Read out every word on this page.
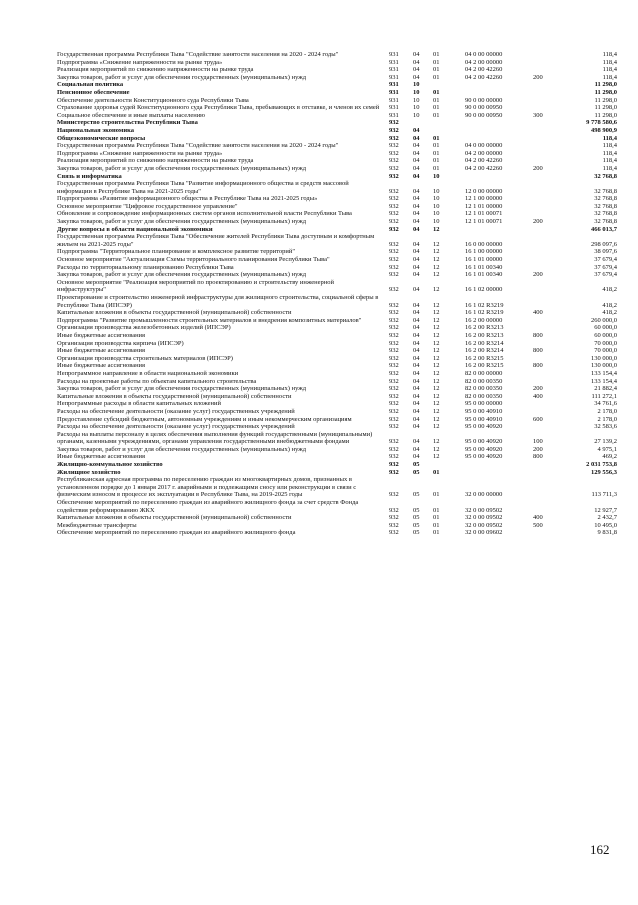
Государственная программа Республики Тыва "Содействие занятости населения на 2020 - 2024 годы"	931	04	01	04 0 00 00000	118,4
Подпрограмма «Снижение напряженности на рынке труда»	931	04	01	04 2 00 00000	118,4
Реализация мероприятий по снижению напряженности на рынке труда	931	04	01	04 2 00 42260	118,4
Закупка товаров, работ и услуг для обеспечения государственных (муниципальных) нужд	931	04	01	04 2 00 42260	200	118,4
Социальная политика	931	10	11 298,0
Пенсионное обеспечение	931	10	01	11 298,0
Обеспечение деятельности Конституционного суда Республики Тыва	931	10	01	90 0 00 00000	11 298,0
Страхование здоровья судей Конституционного суда Республики Тыва, пребывающих в отставке, и членов их семей	931	10	01	90 0 00 00950	11 298,0
Социальное обеспечение и иные выплаты населению	931	10	01	90 0 00 00950	300	11 298,0
Министерство строительства Республики Тыва	932	9 778 580,6
Национальная экономика	932	04	498 900,9
Общеэкономические вопросы	932	04	01	118,4
Государственная программа Республики Тыва "Содействие занятости населения на 2020 - 2024 годы"	932	04	01	04 0 00 00000	118,4
Подпрограмма «Снижение напряженности на рынке труда»	932	04	01	04 2 00 00000	118,4
Реализация мероприятий по снижению напряженности на рынке труда	932	04	01	04 2 00 42260	118,4
Закупка товаров, работ и услуг для обеспечения государственных (муниципальных) нужд	932	04	01	04 2 00 42260	200	118,4
Связь и информатика	932	04	10	32 768,8
Государственная программа Республики Тыва "Развитие информационного общества и средств массовой информации в Республике Тыва на 2021-2025 годы"	932	04	10	12 0 00 00000	32 768,8
Подпрограмма «Развитие информационного общества в Республике Тыва на 2021-2025 годы»	932	04	10	12 1 00 00000	32 768,8
Основное мероприятие "Цифровое государственное управление"	932	04	10	12 1 01 00000	32 768,8
Обновление и сопровождение информационных систем органов исполнительной власти Республики Тыва	932	04	10	12 1 01 00071	32 768,8
Закупка товаров, работ и услуг для обеспечения государственных (муниципальных) нужд	932	04	10	12 1 01 00071	200	32 768,8
Другие вопросы в области национальной экономики	932	04	12	466 013,7
Государственная программа Республики Тыва "Обеспечение жителей Республики Тыва доступным и комфортным жильем на 2021-2025 годы"	932	04	12	16 0 00 00000	298 097,6
Подпрограмма "Территориальное планирование и комплексное развитие территорий"	932	04	12	16 1 00 00000	38 097,6
Основное мероприятие "Актуализация Схемы территориального планирования Республики Тыва"	932	04	12	16 1 01 00000	37 679,4
Расходы по территориальному планированию Республики Тыва	932	04	12	16 1 01 00340	37 679,4
Закупка товаров, работ и услуг для обеспечения государственных (муниципальных) нужд	932	04	12	16 1 01 00340	200	37 679,4
Основное мероприятие "Реализация мероприятий по проектированию и строительству инженерной инфраструктуры"	932	04	12	16 1 02 00000	418,2
Проектирование и строительство инженерной инфраструктуры для жилищного строительства, социальной сферы в Республике Тыва (ИПСЭР)	932	04	12	16 1 02 R3219	418,2
Капитальные вложения в объекты государственной (муниципальной) собственности	932	04	12	16 1 02 R3219	400	418,2
Подпрограмма "Развитие промышленности строительных материалов и внедрения композитных материалов"	932	04	12	16 2 00 00000	260 000,0
Организация производства железобетонных изделий (ИПСЭР)	932	04	12	16 2 00 R3213	60 000,0
Иные бюджетные ассигнования	932	04	12	16 2 00 R3213	800	60 000,0
Организация производства кирпича (ИПСЭР)	932	04	12	16 2 00 R3214	70 000,0
Иные бюджетные ассигнования	932	04	12	16 2 00 R3214	800	70 000,0
Организация производства строительных материалов (ИПСЭР)	932	04	12	16 2 00 R3215	130 000,0
Иные бюджетные ассигнования	932	04	12	16 2 00 R3215	800	130 000,0
Непрограммное направление в области национальной экономики	932	04	12	82 0 00 00000	133 154,4
Расходы на проектные работы по объектам капитального строительства	932	04	12	82 0 00 00350	133 154,4
Закупка товаров, работ и услуг для обеспечения государственных (муниципальных) нужд	932	04	12	82 0 00 00350	200	21 882,4
Капитальные вложения в объекты государственной (муниципальной) собственности	932	04	12	82 0 00 00350	400	111 272,1
Непрограммные расходы в области капитальных вложений	932	04	12	95 0 00 00000	34 761,6
Расходы на обеспечение деятельности (оказание услуг) государственных учреждений	932	04	12	95 0 00 40910	2 178,0
Предоставление субсидий бюджетным, автономным учреждениям и иным некоммерческим организациям	932	04	12	95 0 00 40910	600	2 178,0
Расходы на обеспечение деятельности (оказание услуг) государственных учреждений	932	04	12	95 0 00 40920	32 583,6
Расходы на выплаты персоналу в целях обеспечения выполнения функций государственными (муниципальными) органами, казенными учреждениями, органами управления государственными внебюджетными фондами	932	04	12	95 0 00 40920	100	27 139,2
Закупка товаров, работ и услуг для обеспечения государственных (муниципальных) нужд	932	04	12	95 0 00 40920	200	4 975,1
Иные бюджетные ассигнования	932	04	12	95 0 00 40920	800	469,2
Жилищно-коммунальное хозяйство	932	05	2 031 753,8
Жилищное хозяйство	932	05	01	129 556,3
Республиканская адресная программа по переселению граждан из многоквартирных домов, признанных в установленном порядке до 1 января 2017 г. аварийными и подлежащими сносу или реконструкции в связи с физическим износом в процессе их эксплуатации в Республике Тыва, на 2019-2025 годы	932	05	01	32 0 00 00000	113 711,3
Обеспечение мероприятий по переселению граждан из аварийного жилищного фонда за счет средств Фонда содействия реформированию ЖКХ	932	05	01	32 0 00 09502	12 927,7
Капитальные вложения в объекты государственной (муниципальной) собственности	932	05	01	32 0 00 09502	400	2 432,7
Межбюджетные трансферты	932	05	01	32 0 00 09502	500	10 495,0
Обеспечение мероприятий по переселению граждан из аварийного жилищного фонда	932	05	01	32 0 00 09602	9 831,8
162
